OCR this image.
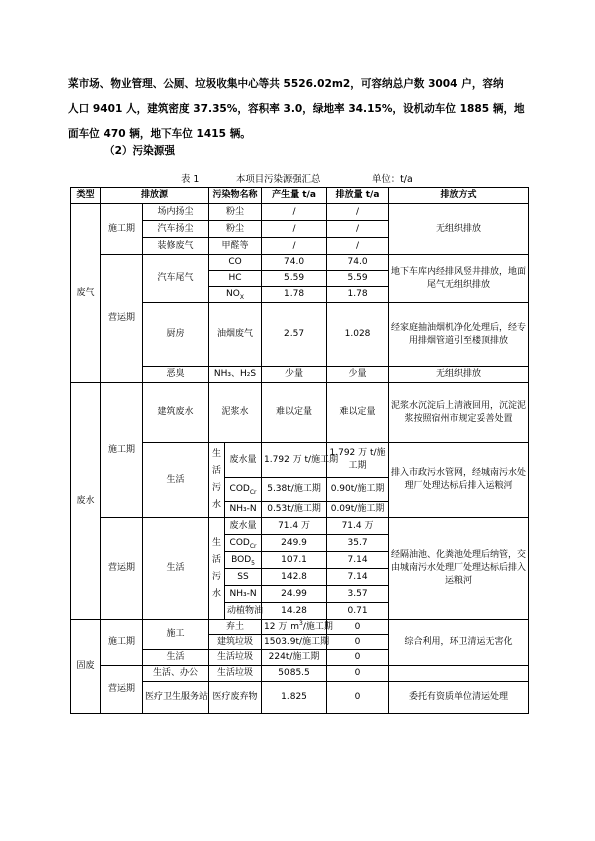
菜市场、物业管理、公厕、垃圾收集中心等共 5526.02m2，可容纳总户数 3004 户，容纳
人口 9401 人，建筑密度 37.35%，容积率 3.0，绿地率 34.15%，设机动车位 1885 辆，地
面车位 470 辆，地下车位 1415 辆。
（2）污染源强
表 1	本项目污染源强汇总	单位：t/a
类型	排放源		污染物名称		产生量 t/a	排放量 t/a	排放方式
废气	施工期	场内扬尘	粉尘		/	/	无组织排放
		汽车扬尘	粉尘		/	/	
		装修废气	甲醛等		/	/	
	营运期	汽车尾气	CO		74.0	74.0	地下车库内经排风竖井排放，地面尾气无组织排放
			HC		5.59	5.59	
			$NO_X$		1.78	1.78	
		厨房	油烟废气		2.57	1.028	经家庭抽油烟机净化处理后，经专用排烟管道引至楼顶排放
		恶臭	NH₃、H₂S		少量	少量	无组织排放
废水	施工期	建筑废水	泥浆水		难以定量	难以定量	泥浆水沉淀后上清液回用，沉淀泥浆按照宿州市规定妥善处置
		生活	生活污水	废水量	1.792 万 t/施工期	1.792 万 t/施工期	排入市政污水管网，经城南污水处理厂处理达标后排入运粮河
				$COD_{Cr}$	5.38t/施工期	0.90t/施工期	
				NH₃-N	0.53t/施工期	0.09t/施工期	
	营运期	生活	生活污水	废水量	71.4 万	71.4 万	经隔油池、化粪池处理后纳管，交由城南污水处理厂处理达标后排入运粮河
				$COD_{Cr}$	249.9	35.7	
				$BOD_5$	107.1	7.14	
				SS	142.8	7.14	
				NH₃-N	24.99	3.57	
				动植物油	14.28	0.71	
固废	施工期	施工	弃土		12 万 $m^3/$施工期	0	综合利用，环卫清运无害化
			建筑垃圾		1503.9t/施工期	0	
		生活	生活垃圾		224t/施工期	0	
	营运期	生活、办公	生活垃圾		5085.5	0	
		医疗卫生服务站	医疗废弃物		1.825	0	委托有资质单位清运处理
